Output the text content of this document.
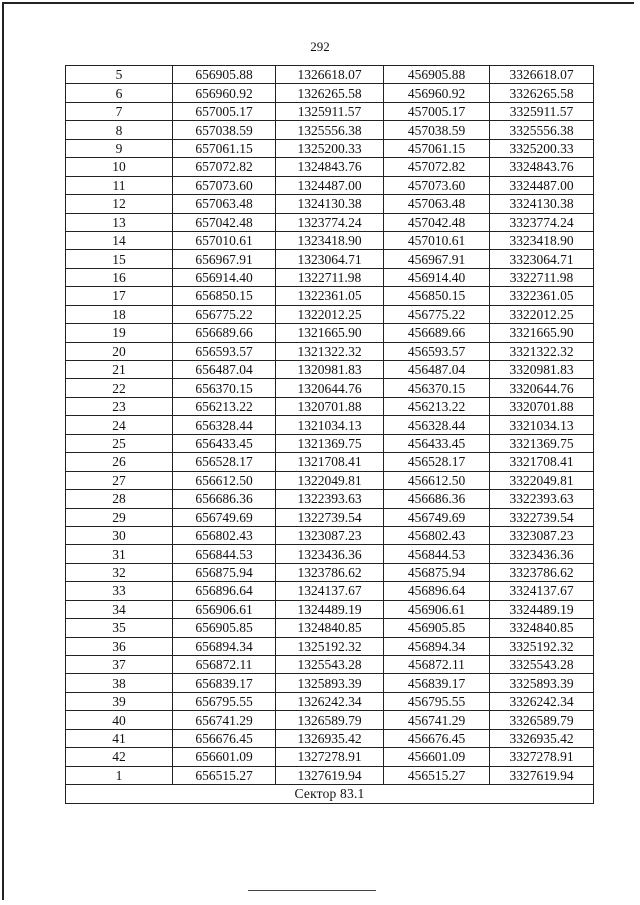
292
5	656905.88	1326618.07	456905.88	3326618.07
6	656960.92	1326265.58	456960.92	3326265.58
7	657005.17	1325911.57	457005.17	3325911.57
8	657038.59	1325556.38	457038.59	3325556.38
9	657061.15	1325200.33	457061.15	3325200.33
10	657072.82	1324843.76	457072.82	3324843.76
11	657073.60	1324487.00	457073.60	3324487.00
12	657063.48	1324130.38	457063.48	3324130.38
13	657042.48	1323774.24	457042.48	3323774.24
14	657010.61	1323418.90	457010.61	3323418.90
15	656967.91	1323064.71	456967.91	3323064.71
16	656914.40	1322711.98	456914.40	3322711.98
17	656850.15	1322361.05	456850.15	3322361.05
18	656775.22	1322012.25	456775.22	3322012.25
19	656689.66	1321665.90	456689.66	3321665.90
20	656593.57	1321322.32	456593.57	3321322.32
21	656487.04	1320981.83	456487.04	3320981.83
22	656370.15	1320644.76	456370.15	3320644.76
23	656213.22	1320701.88	456213.22	3320701.88
24	656328.44	1321034.13	456328.44	3321034.13
25	656433.45	1321369.75	456433.45	3321369.75
26	656528.17	1321708.41	456528.17	3321708.41
27	656612.50	1322049.81	456612.50	3322049.81
28	656686.36	1322393.63	456686.36	3322393.63
29	656749.69	1322739.54	456749.69	3322739.54
30	656802.43	1323087.23	456802.43	3323087.23
31	656844.53	1323436.36	456844.53	3323436.36
32	656875.94	1323786.62	456875.94	3323786.62
33	656896.64	1324137.67	456896.64	3324137.67
34	656906.61	1324489.19	456906.61	3324489.19
35	656905.85	1324840.85	456905.85	3324840.85
36	656894.34	1325192.32	456894.34	3325192.32
37	656872.11	1325543.28	456872.11	3325543.28
38	656839.17	1325893.39	456839.17	3325893.39
39	656795.55	1326242.34	456795.55	3326242.34
40	656741.29	1326589.79	456741.29	3326589.79
41	656676.45	1326935.42	456676.45	3326935.42
42	656601.09	1327278.91	456601.09	3327278.91
1	656515.27	1327619.94	456515.27	3327619.94
Сектор 83.1				
